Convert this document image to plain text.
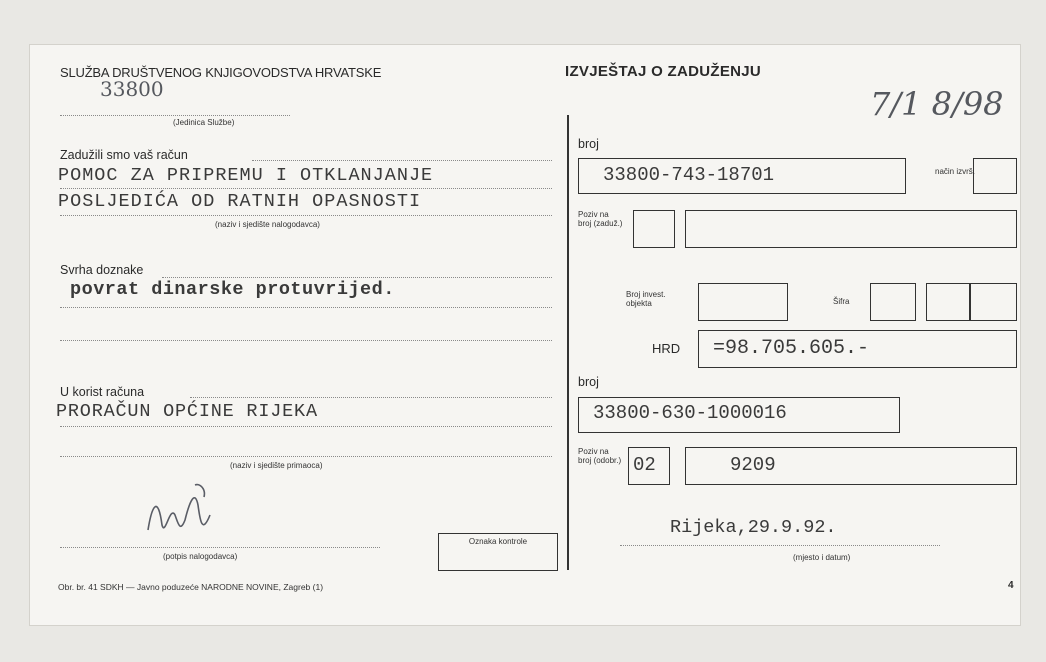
SLUŽBA DRUŠTVENOG KNJIGOVODSTVA HRVATSKE
33800
(Jedinica Službe)
Zadužili smo vaš račun
POMOC ZA PRIPREMU I OTKLANJANJE
POSLJEDIĆA OD RATNIH OPASNOSTI
(naziv i sjedište nalogodavca)
Svrha doznake
povrat dinarske protuvrijed.
U korist računa
PRORAČUN OPĆINE RIJEKA
(naziv i sjedište primaoca)
(potpis nalogodavca)
Oznaka kontrole
Obr. br. 41 SDKH — Javno poduzeće NARODNE NOVINE, Zagreb (1)
IZVJEŠTAJ O ZADUŽENJU
7/1 8/98
broj
33800-743-18701	način izvrš.
Poziv na broj (zaduž.)
Broj invest. objekta	Šifra
HRD =98.705.605.-
broj
33800-630-1000016
Poziv na broj (odobr.) 02	9209
Rijeka,29.9.92.
(mjesto i datum)
4
